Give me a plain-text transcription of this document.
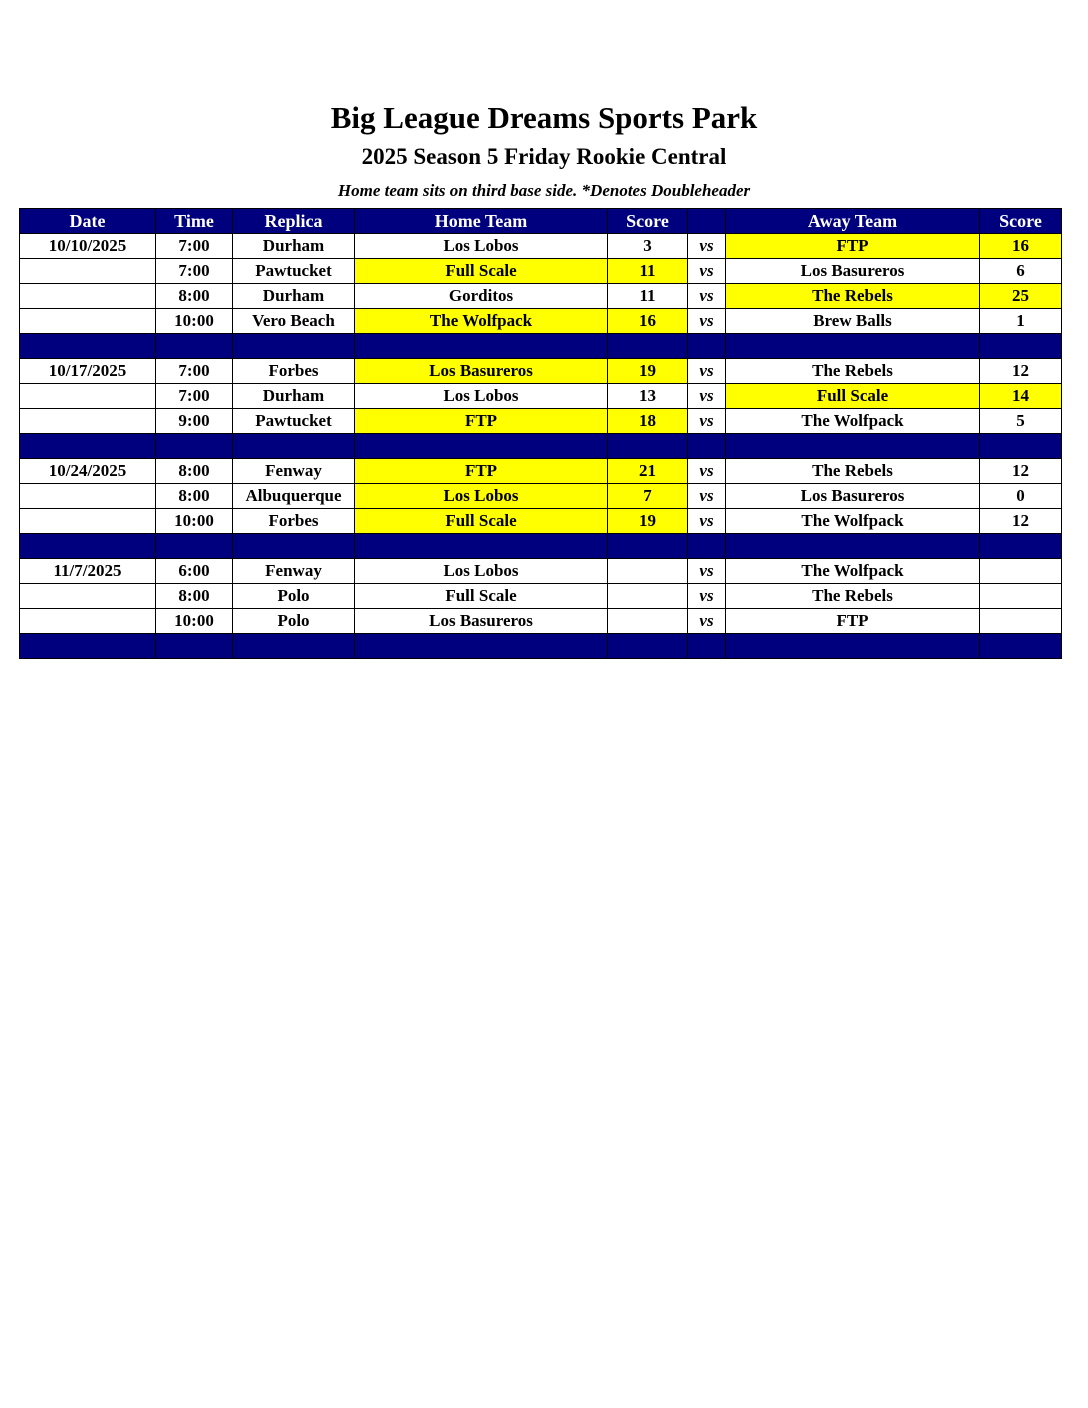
Big League Dreams Sports Park
2025 Season 5 Friday Rookie Central
Home team sits on third base side. *Denotes Doubleheader
Date	Time	Replica	Home Team	Score		Away Team	Score
10/10/2025	7:00	Durham	Los Lobos	3	vs	FTP	16
	7:00	Pawtucket	Full Scale	11	vs	Los Basureros	6
	8:00	Durham	Gorditos	11	vs	The Rebels	25
	10:00	Vero Beach	The Wolfpack	16	vs	Brew Balls	1

10/17/2025	7:00	Forbes	Los Basureros	19	vs	The Rebels	12
	7:00	Durham	Los Lobos	13	vs	Full Scale	14
	9:00	Pawtucket	FTP	18	vs	The Wolfpack	5

10/24/2025	8:00	Fenway	FTP	21	vs	The Rebels	12
	8:00	Albuquerque	Los Lobos	7	vs	Los Basureros	0
	10:00	Forbes	Full Scale	19	vs	The Wolfpack	12

11/7/2025	6:00	Fenway	Los Lobos		vs	The Wolfpack	
	8:00	Polo	Full Scale		vs	The Rebels	
	10:00	Polo	Los Basureros		vs	FTP	
